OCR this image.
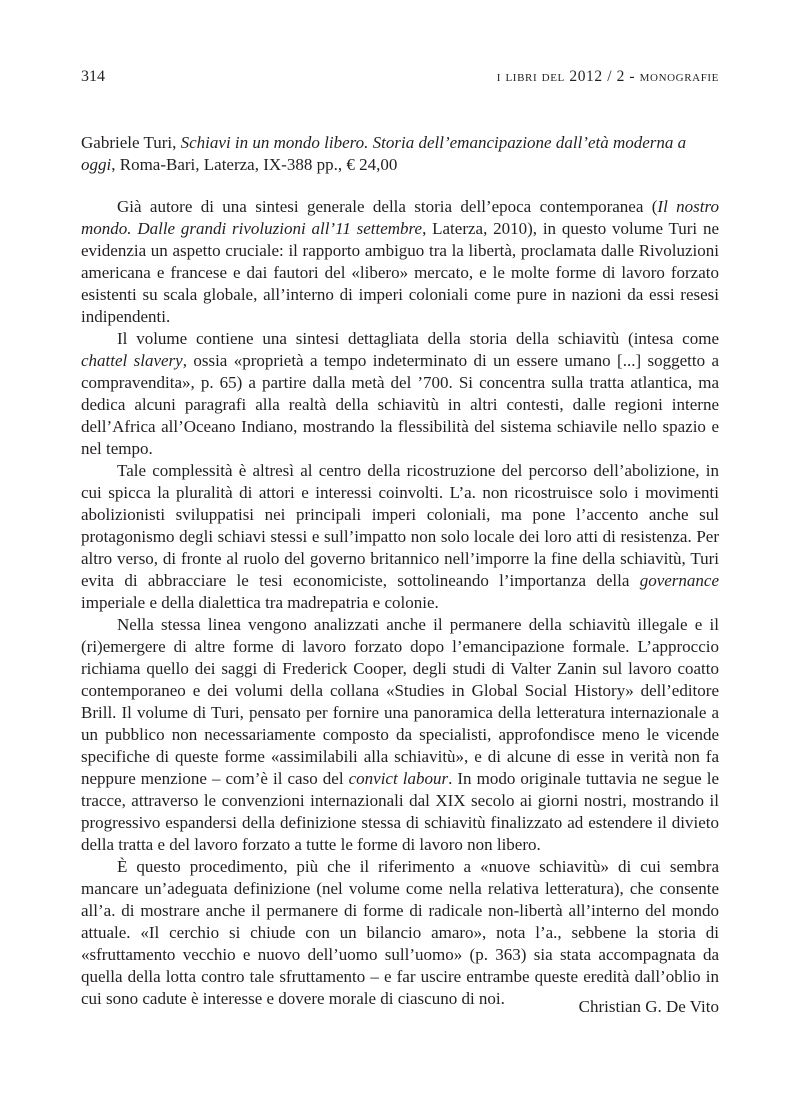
314	i libri del 2012 / 2 - monografie
Gabriele Turi, Schiavi in un mondo libero. Storia dell’emancipazione dall’età moderna a oggi, Roma-Bari, Laterza, IX-388 pp., € 24,00

Già autore di una sintesi generale della storia dell’epoca contemporanea (Il nostro mondo. Dalle grandi rivoluzioni all’11 settembre, Laterza, 2010), in questo volume Turi ne evidenzia un aspetto cruciale: il rapporto ambiguo tra la libertà, proclamata dalle Rivoluzioni americana e francese e dai fautori del «libero» mercato, e le molte forme di lavoro forzato esistenti su scala globale, all’interno di imperi coloniali come pure in nazioni da essi resesi indipendenti.

Il volume contiene una sintesi dettagliata della storia della schiavitù (intesa come chattel slavery, ossia «proprietà a tempo indeterminato di un essere umano [...] soggetto a compravendita», p. 65) a partire dalla metà del ’700. Si concentra sulla tratta atlantica, ma dedica alcuni paragrafi alla realtà della schiavitù in altri contesti, dalle regioni interne dell’Africa all’Oceano Indiano, mostrando la flessibilità del sistema schiavile nello spazio e nel tempo.

Tale complessità è altresì al centro della ricostruzione del percorso dell’abolizione, in cui spicca la pluralità di attori e interessi coinvolti. L’a. non ricostruisce solo i movimenti abolizionisti sviluppatisi nei principali imperi coloniali, ma pone l’accento anche sul protagonismo degli schiavi stessi e sull’impatto non solo locale dei loro atti di resistenza. Per altro verso, di fronte al ruolo del governo britannico nell’imporre la fine della schiavitù, Turi evita di abbracciare le tesi economiciste, sottolineando l’importanza della governance imperiale e della dialettica tra madrepatria e colonie.

Nella stessa linea vengono analizzati anche il permanere della schiavitù illegale e il (ri)emergere di altre forme di lavoro forzato dopo l’emancipazione formale. L’approccio richiama quello dei saggi di Frederick Cooper, degli studi di Valter Zanin sul lavoro coatto contemporaneo e dei volumi della collana «Studies in Global Social History» dell’editore Brill. Il volume di Turi, pensato per fornire una panoramica della letteratura internazionale a un pubblico non necessariamente composto da specialisti, approfondisce meno le vicende specifiche di queste forme «assimilabili alla schiavitù», e di alcune di esse in verità non fa neppure menzione – com’è il caso del convict labour. In modo originale tuttavia ne segue le tracce, attraverso le convenzioni internazionali dal XIX secolo ai giorni nostri, mostrando il progressivo espandersi della definizione stessa di schiavitù finalizzato ad estendere il divieto della tratta e del lavoro forzato a tutte le forme di lavoro non libero.

È questo procedimento, più che il riferimento a «nuove schiavitù» di cui sembra mancare un’adeguata definizione (nel volume come nella relativa letteratura), che consente all’a. di mostrare anche il permanere di forme di radicale non-libertà all’interno del mondo attuale. «Il cerchio si chiude con un bilancio amaro», nota l’a., sebbene la storia di «sfruttamento vecchio e nuovo dell’uomo sull’uomo» (p. 363) sia stata accompagnata da quella della lotta contro tale sfruttamento – e far uscire entrambe queste eredità dall’oblio in cui sono cadute è interesse e dovere morale di ciascuno di noi.	Christian G. De Vito
